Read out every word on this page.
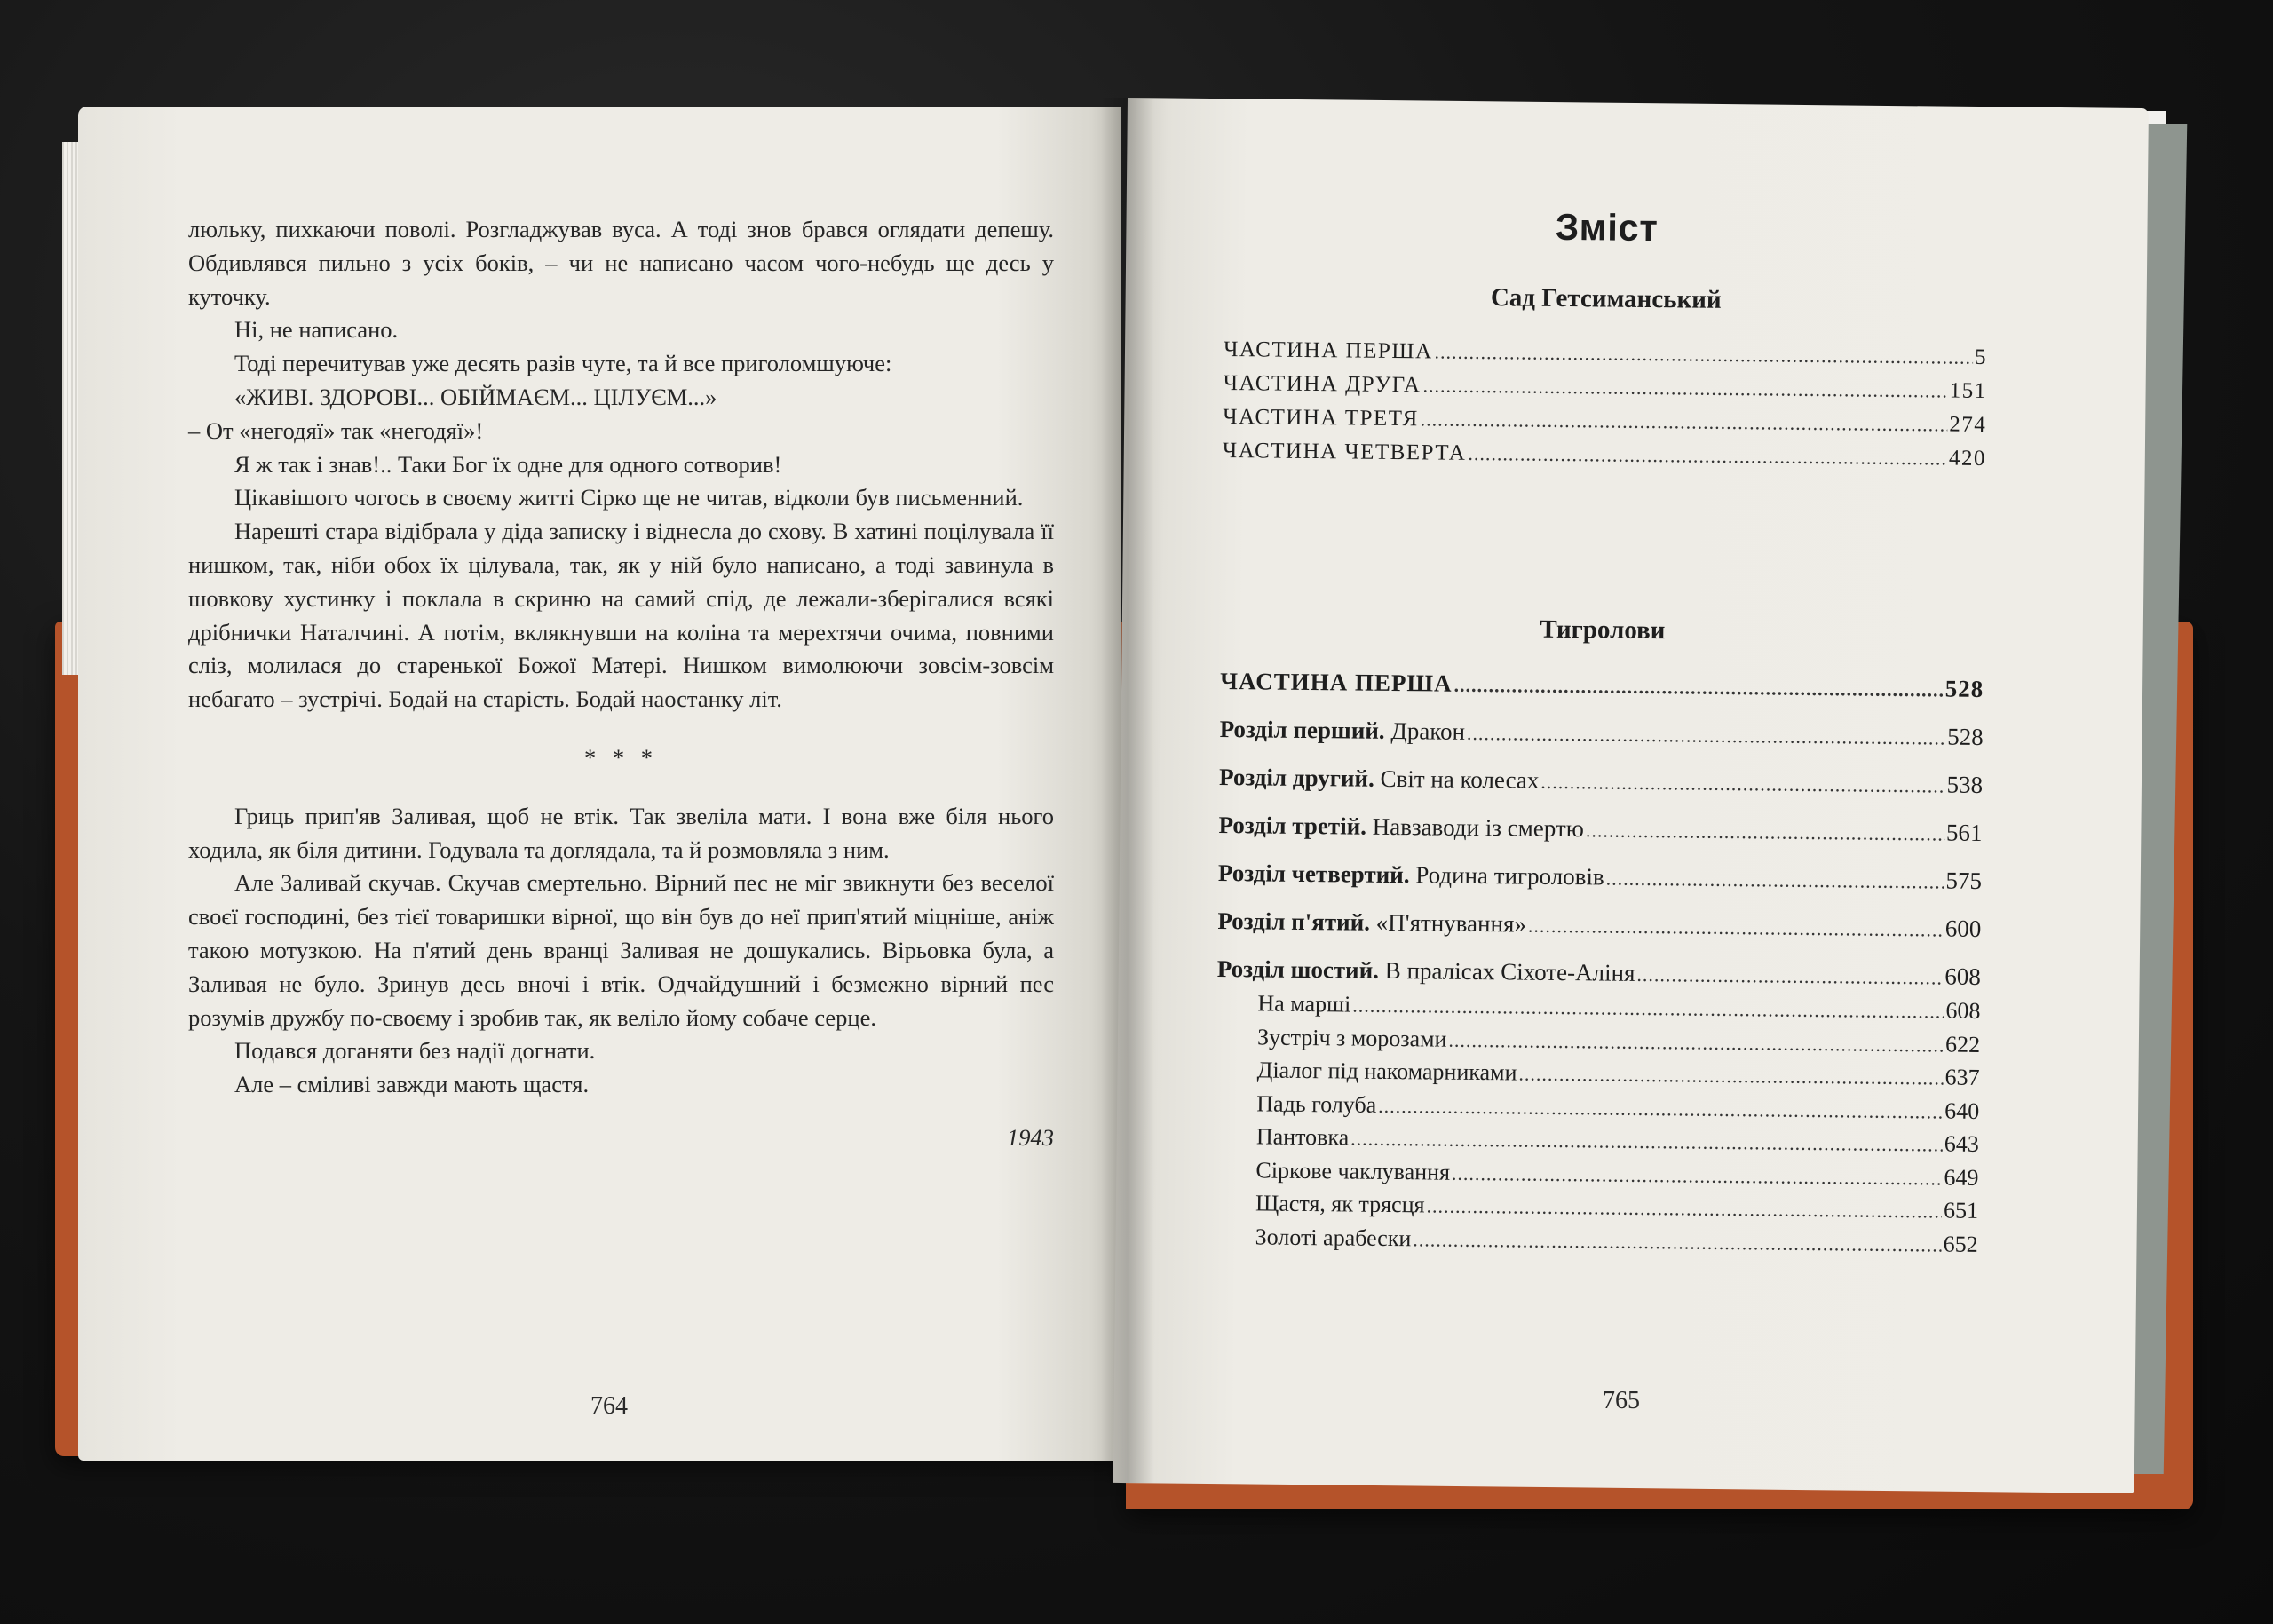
люльку, пихкаючи поволі. Розгладжував вуса. А тоді знов брався оглядати депешу. Обдивлявся пильно з усіх боків, – чи не написано часом чого-небудь ще десь у куточку.

Ні, не написано.

Тоді перечитував уже десять разів чуте, та й все приголомшуюче:

«ЖИВІ. ЗДОРОВІ... ОБІЙМАЄМ... ЦІЛУЄМ...»

– От «негодяї» так «негодяї»!

Я ж так і знав!.. Таки Бог їх одне для одного сотворив!

Цікавішого чогось в своєму житті Сірко ще не читав, відколи був письменний.

Нарешті стара відібрала у діда записку і віднесла до схову. В хатині поцілувала її нишком, так, ніби обох їх цілувала, так, як у ній було написано, а тоді завинула в шовкову хустинку і поклала в скриню на самий спід, де лежали-зберігалися всякі дрібнички Наталчині. А потім, вклякнувши на коліна та мерехтячи очима, повними сліз, молилася до старенької Божої Матері. Нишком вимолюючи зовсім-зовсім небагато – зустрічі. Бодай на старість. Бодай наостанку літ.

* * *

Гриць прип'яв Заливая, щоб не втік. Так звеліла мати. І вона вже біля нього ходила, як біля дитини. Годувала та доглядала, та й розмовляла з ним.

Але Заливай скучав. Скучав смертельно. Вірний пес не міг звикнути без веселої своєї господині, без тієї товаришки вірної, що він був до неї прип'ятий міцніше, аніж такою мотузкою. На п'ятий день вранці Заливая не дошукались. Вірьовка була, а Заливая не було. Зринув десь вночі і втік. Одчайдушний і безмежно вірний пес розумів дружбу по-своєму і зробив так, як веліло йому собаче серце.

Подався доганяти без надії догнати.

Але – сміливі завжди мають щастя.

1943

764
Зміст
Сад Гетсиманський
ЧАСТИНА ПЕРША .....	5
ЧАСТИНА ДРУГА .....	151
ЧАСТИНА ТРЕТЯ .....	274
ЧАСТИНА ЧЕТВЕРТА .....	420
Тигролови
ЧАСТИНА ПЕРША .....	528
Розділ перший. Дракон .....	528
Розділ другий. Світ на колесах .....	538
Розділ третій. Навзаводи із смертю .....	561
Розділ четвертий. Родина тигроловів .....	575
Розділ п'ятий. «П'ятнування» .....	600
Розділ шостий. В пралісах Сіхоте-Аліня .....	608
На марші .....	608
Зустріч з морозами .....	622
Діалог під накомарниками .....	637
Падь голуба .....	640
Пантовка .....	643
Сіркове чаклування .....	649
Щастя, як трясця .....	651
Золоті арабески .....	652
765
